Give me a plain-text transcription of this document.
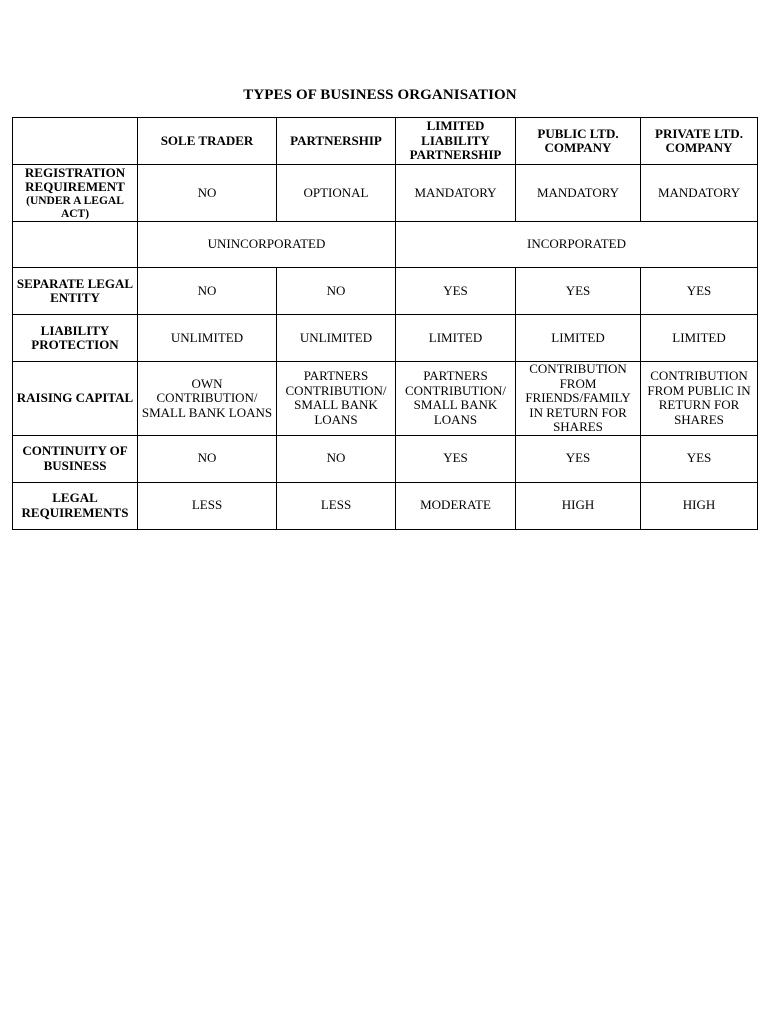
TYPES OF BUSINESS ORGANISATION
	SOLE TRADER	PARTNERSHIP	LIMITED LIABILITY PARTNERSHIP	PUBLIC LTD. COMPANY	PRIVATE LTD. COMPANY
REGISTRATION REQUIREMENT
(UNDER A LEGAL ACT)	NO	OPTIONAL	MANDATORY	MANDATORY	MANDATORY
	UNINCORPORATED		INCORPORATED		
SEPARATE LEGAL ENTITY	NO	NO	YES	YES	YES
LIABILITY PROTECTION	UNLIMITED	UNLIMITED	LIMITED	LIMITED	LIMITED
RAISING CAPITAL	OWN CONTRIBUTION/ SMALL BANK LOANS	PARTNERS CONTRIBUTION/ SMALL BANK LOANS	PARTNERS CONTRIBUTION/ SMALL BANK LOANS	CONTRIBUTION FROM FRIENDS/FAMILY IN RETURN FOR SHARES	CONTRIBUTION FROM PUBLIC IN RETURN FOR SHARES
CONTINUITY OF BUSINESS	NO	NO	YES	YES	YES
LEGAL REQUIREMENTS	LESS	LESS	MODERATE	HIGH	HIGH
